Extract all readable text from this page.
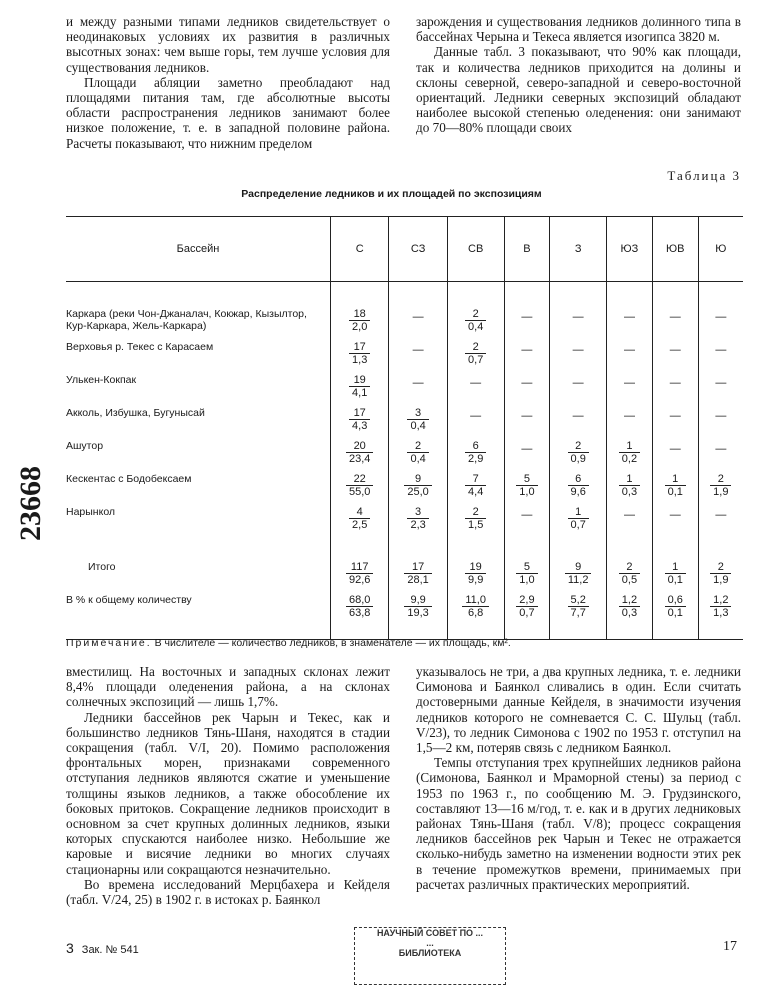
и между разными типами ледников свидетельствует о неодинаковых условиях их развития в различных высотных зонах: чем выше горы, тем лучше условия для существования ледников.

Площади абляции заметно преобладают над площадями питания там, где абсолютные высоты области распространения ледников занимают более низкое положение, т. е. в западной половине района. Расчеты показывают, что нижним пределом

зарождения и существования ледников долинного типа в бассейнах Черына и Текеса является изогипса 3820 м.

Данные табл. 3 показывают, что 90% как площади, так и количества ледников приходится на долины и склоны северной, северо-западной и северо-восточной ориентаций. Ледники северных экспозиций обладают наиболее высокой степенью оледенения: они занимают до 70—80% площади своих

Таблица 3
Распределение ледников и их площадей по экспозициям
Бассейн	С	СЗ	СВ	В	З	ЮЗ	ЮВ	Ю
Каркара (реки Чон-Джаналач, Кокжар, Кызылтор, Кур-Каркара, Жель-Каркара)	$\frac{18}{2,0}$	—	$\frac{2}{0,4}$	—	—	—	—	—
Верховья р. Текес с Карасаем	$\frac{17}{1,3}$	—	$\frac{2}{0,7}$	—	—	—	—	—
Улькен-Кокпак	$\frac{19}{4,1}$	—	—	—	—	—	—	—
Акколь, Избушка, Бугунысай	$\frac{17}{4,3}$	$\frac{3}{0,4}$	—	—	—	—	—	—
Ашутор	$\frac{20}{23,4}$	$\frac{2}{0,4}$	$\frac{6}{2,9}$	—	$\frac{2}{0,9}$	$\frac{1}{0,2}$	—	—
Кескентас с Бодобексаем	$\frac{22}{55,0}$	$\frac{9}{25,0}$	$\frac{7}{4,4}$	$\frac{5}{1,0}$	$\frac{6}{9,6}$	$\frac{1}{0,3}$	$\frac{1}{0,1}$	$\frac{2}{1,9}$

Нарынкол	$\frac{4}{2,5}$	$\frac{3}{2,3}$	$\frac{2}{1,5}$	—	$\frac{1}{0,7}$	—	—	—
Итого	$\frac{117}{92,6}$	$\frac{17}{28,1}$	$\frac{19}{9,9}$	$\frac{5}{1,0}$	$\frac{9}{11,2}$	$\frac{2}{0,5}$	$\frac{1}{0,1}$	$\frac{2}{1,9}$

В % к общему количеству	$\frac{68,0}{63,8}$	$\frac{9,9}{19,3}$	$\frac{11,0}{6,8}$	$\frac{2,9}{0,7}$	$\frac{5,2}{7,7}$	$\frac{1,2}{0,3}$	$\frac{0,6}{0,1}$	$\frac{1,2}{1,3}$
Примечание. В числителе — количество ледников, в знаменателе — их площадь, км².
23668

вместилищ. На восточных и западных склонах лежит 8,4% площади оледенения района, а на склонах солнечных экспозиций — лишь 1,7%.

Ледники бассейнов рек Чарын и Текес, как и большинство ледников Тянь-Шаня, находятся в стадии сокращения (табл. V/I, 20). Помимо расположения фронтальных морен, признаками современного отступания ледников являются сжатие и уменьшение толщины языков ледников, а также обособление их боковых притоков. Сокращение ледников происходит в основном за счет крупных долинных ледников, языки которых спускаются наиболее низко. Небольшие же каровые и висячие ледники во многих случаях стационарны или сокращаются незначительно.

Во времена исследований Мерцбахера и Кейделя (табл. V/24, 25) в 1902 г. в истоках р. Баянкол

указывалось не три, а два крупных ледника, т. е. ледники Симонова и Баянкол сливались в один. Если считать достоверными данные Кейделя, в значимости изучения ледников которого не сомневается С. С. Шульц (табл. V/23), то ледник Симонова с 1902 по 1953 г. отступил на 1,5—2 км, потеряв связь с ледником Баянкол.

Темпы отступания трех крупнейших ледников района (Симонова, Баянкол и Мраморной стены) за период с 1953 по 1963 г., по сообщению М. Э. Грудзинского, составляют 13—16 м/год, т. е. как и в других ледниковых районах Тянь-Шаня (табл. V/8); процесс сокращения ледников бассейнов рек Чарын и Текес не отражается сколько-нибудь заметно на изменении водности этих рек в течение промежутков времени, принимаемых при расчетах различных практических мероприятий.

3 Зак. № 541	17
НАУЧНЫЙ СОВЕТ ПО ...
...
БИБЛИОТЕКА
